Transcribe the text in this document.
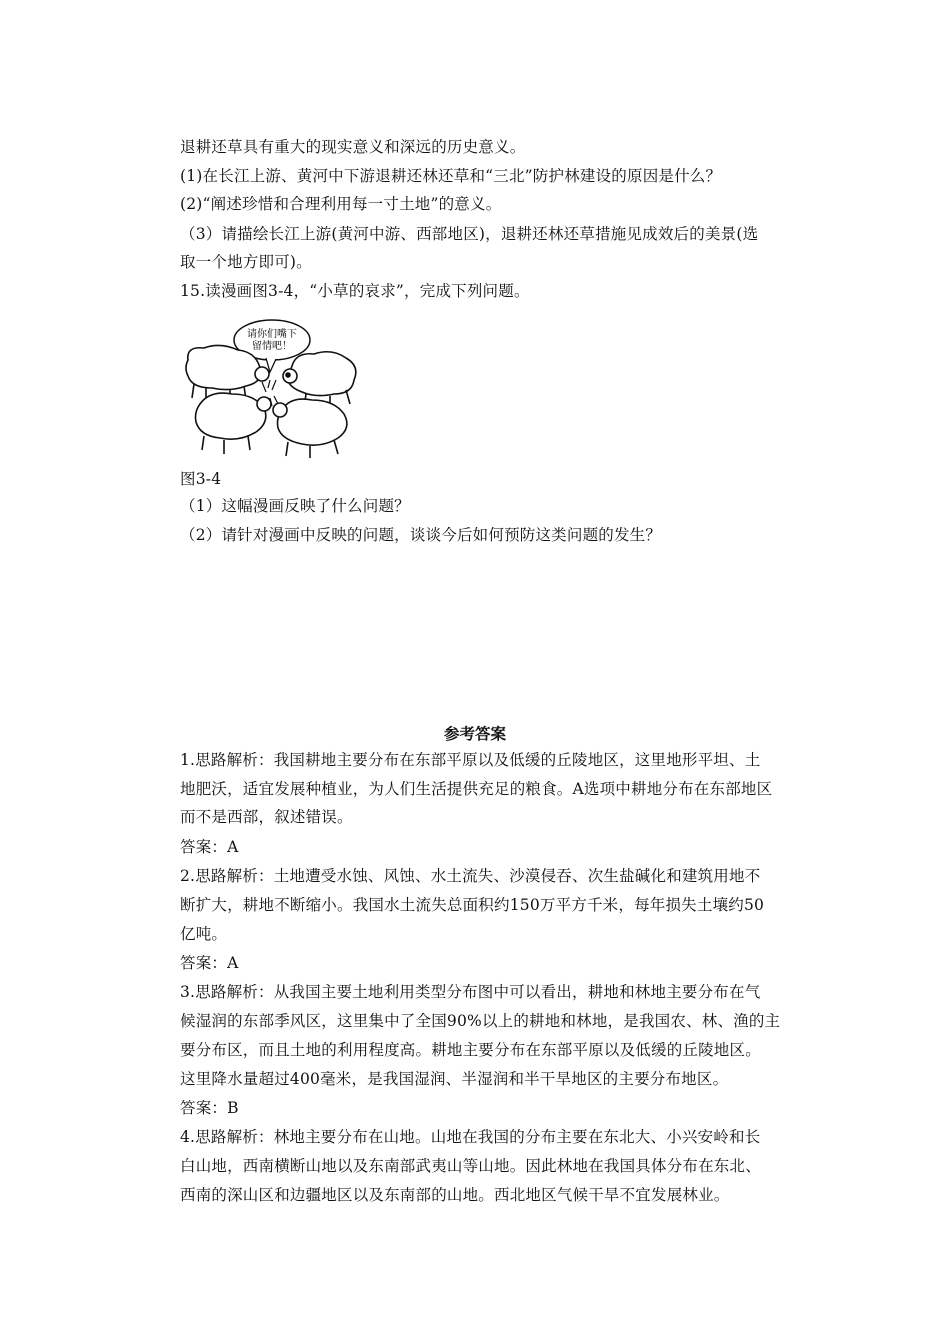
退耕还草具有重大的现实意义和深远的历史意义。
(1)在长江上游、黄河中下游退耕还林还草和“三北”防护林建设的原因是什么？
(2)“阐述珍惜和合理利用每一寸土地”的意义。
（3）请描绘长江上游(黄河中游、西部地区)，退耕还林还草措施见成效后的美景(选
取一个地方即可)。
15.读漫画图3-4，“小草的哀求”，完成下列问题。
请你们嘴下
留情吧！
图3-4
（1）这幅漫画反映了什么问题？
（2）请针对漫画中反映的问题，谈谈今后如何预防这类问题的发生？
参考答案
1.思路解析：我国耕地主要分布在东部平原以及低缓的丘陵地区，这里地形平坦、土
地肥沃，适宜发展种植业，为人们生活提供充足的粮食。A选项中耕地分布在东部地区
而不是西部，叙述错误。
答案：A
2.思路解析：土地遭受水蚀、风蚀、水土流失、沙漠侵吞、次生盐碱化和建筑用地不
断扩大，耕地不断缩小。我国水土流失总面积约150万平方千米，每年损失土壤约50
亿吨。
答案：A
3.思路解析：从我国主要土地利用类型分布图中可以看出，耕地和林地主要分布在气
候湿润的东部季风区，这里集中了全国90%以上的耕地和林地，是我国农、林、渔的主
要分布区，而且土地的利用程度高。耕地主要分布在东部平原以及低缓的丘陵地区。
这里降水量超过400毫米，是我国湿润、半湿润和半干旱地区的主要分布地区。
答案：B
4.思路解析：林地主要分布在山地。山地在我国的分布主要在东北大、小兴安岭和长
白山地，西南横断山地以及东南部武夷山等山地。因此林地在我国具体分布在东北、
西南的深山区和边疆地区以及东南部的山地。西北地区气候干旱不宜发展林业。
